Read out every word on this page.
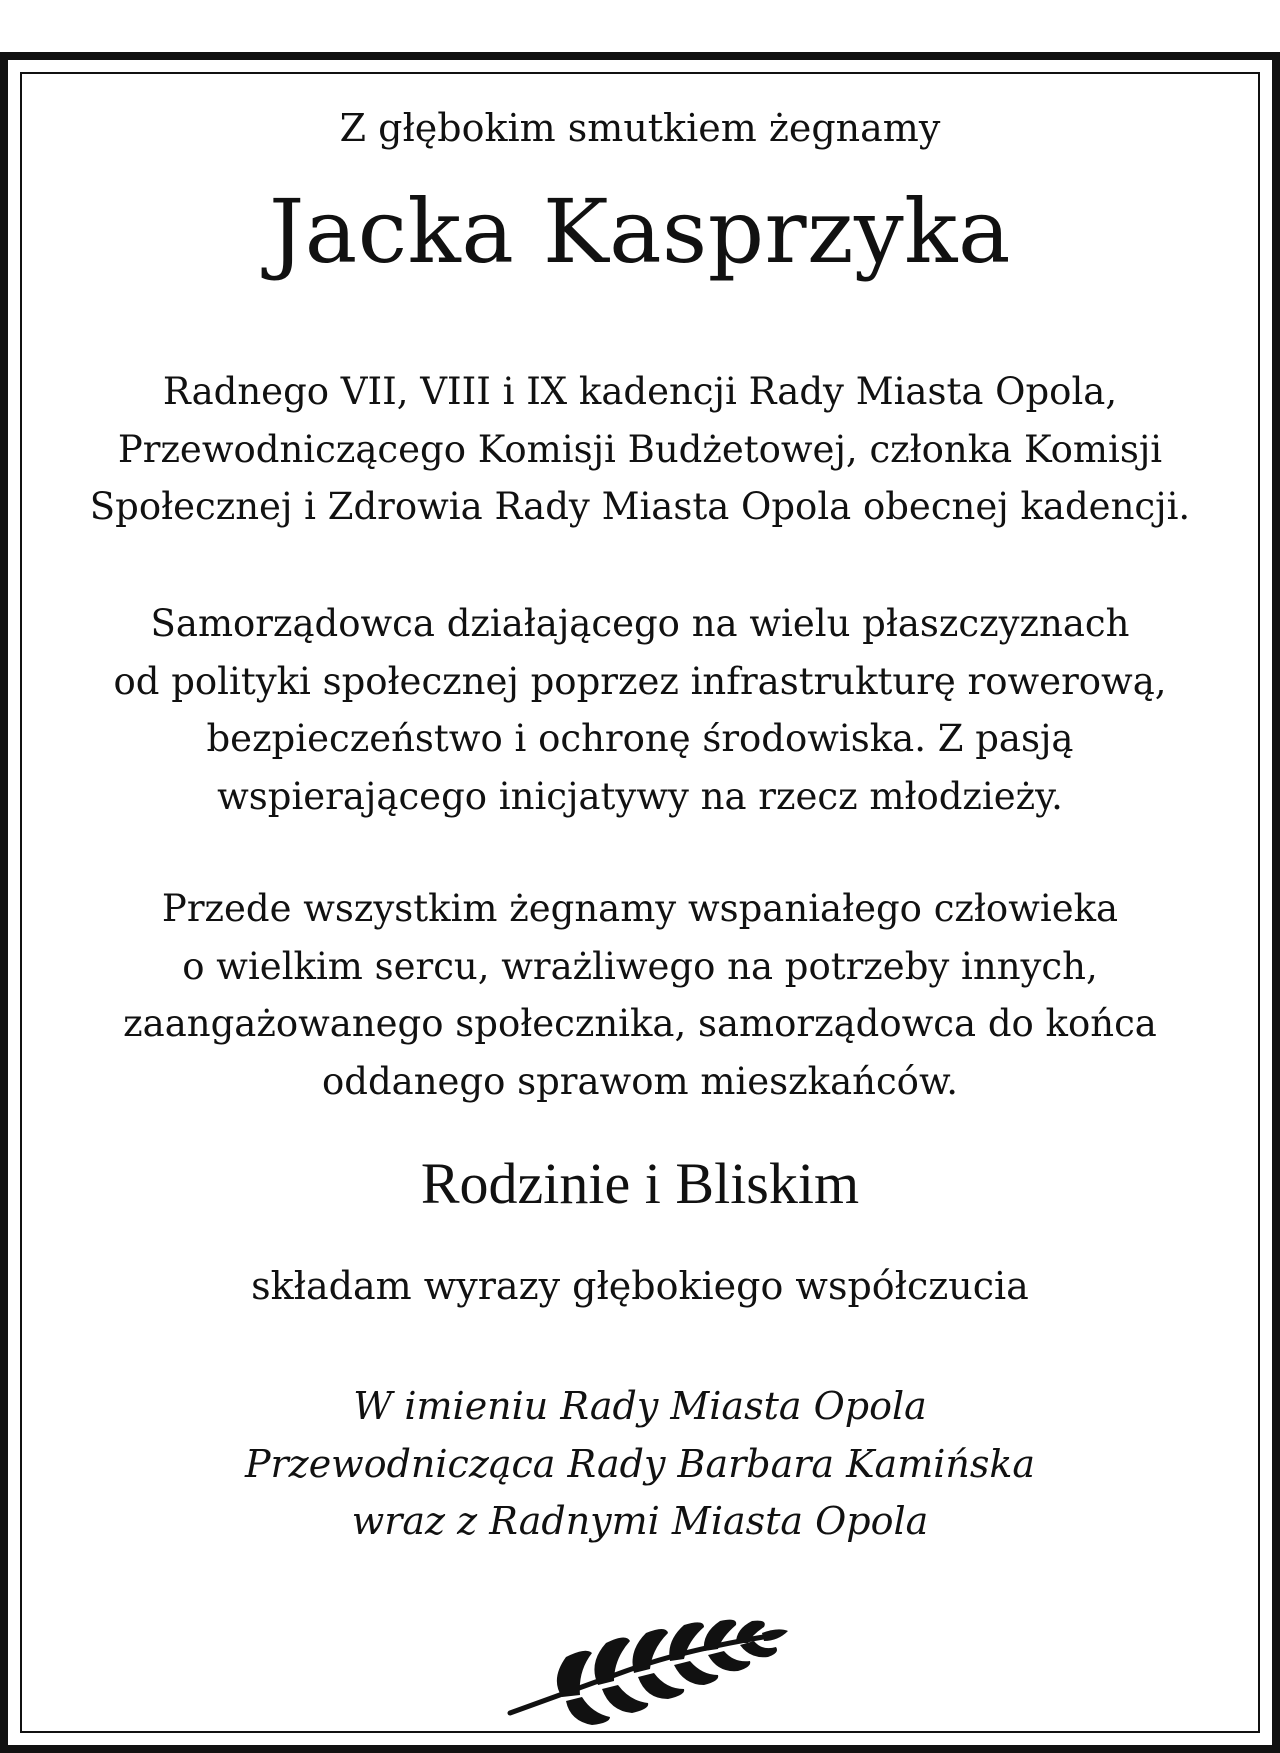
Z głębokim smutkiem żegnamy
Jacka Kasprzyka
Radnego VII, VIII i IX kadencji Rady Miasta Opola,
Przewodniczącego Komisji Budżetowej, członka Komisji
Społecznej i Zdrowia Rady Miasta Opola obecnej kadencji.
Samorządowca działającego na wielu płaszczyznach
od polityki społecznej poprzez infrastrukturę rowerową,
bezpieczeństwo i ochronę środowiska. Z pasją
wspierającego inicjatywy na rzecz młodzieży.
Przede wszystkim żegnamy wspaniałego człowieka
o wielkim sercu, wrażliwego na potrzeby innych,
zaangażowanego społecznika, samorządowca do końca
oddanego sprawom mieszkańców.
Rodzinie i Bliskim
składam wyrazy głębokiego współczucia
W imieniu Rady Miasta Opola
Przewodnicząca Rady Barbara Kamińska
wraz z Radnymi Miasta Opola
